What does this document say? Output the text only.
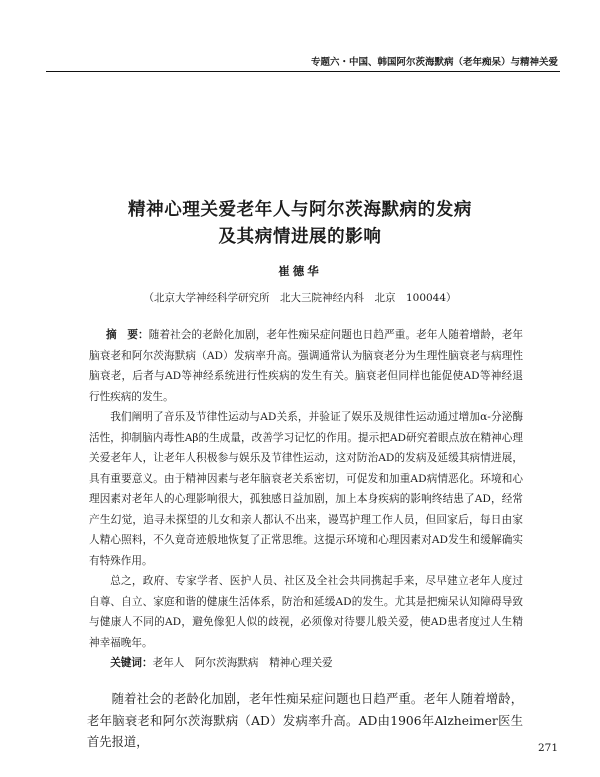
专题六・中国、韩国阿尔茨海默病（老年痴呆）与精神关爱
精神心理关爱老年人与阿尔茨海默病的发病
及其病情进展的影响
崔德华
（北京大学神经科学研究所　北大三院神经内科　北京　100044）

摘　要：随着社会的老龄化加剧，老年性痴呆症问题也日趋严重。老年人随着增龄，老年脑衰老和阿尔茨海默病（AD）发病率升高。强调通常认为脑衰老分为生理性脑衰老与病理性脑衰老，后者与AD等神经系统进行性疾病的发生有关。脑衰老但同样也能促使AD等神经退行性疾病的发生。

我们阐明了音乐及节律性运动与AD关系，并验证了娱乐及规律性运动通过增加α-分泌酶活性，抑制脑内毒性Aβ的生成量，改善学习记忆的作用。提示把AD研究着眼点放在精神心理关爱老年人，让老年人积极参与娱乐及节律性运动，这对防治AD的发病及延缓其病情进展，具有重要意义。由于精神因素与老年脑衰老关系密切，可促发和加重AD病情恶化。环境和心理因素对老年人的心理影响很大，孤独感日益加剧，加上本身疾病的影响终结患了AD，经常产生幻觉，追寻未探望的儿女和亲人都认不出来，谩骂护理工作人员，但回家后，每日由家人精心照料，不久竟奇迹般地恢复了正常思维。这提示环境和心理因素对AD发生和缓解确实有特殊作用。

总之，政府、专家学者、医护人员、社区及全社会共同携起手来，尽早建立老年人度过自尊、自立、家庭和谐的健康生活体系，防治和延缓AD的发生。尤其是把痴呆认知障碍导致与健康人不同的AD，避免像犯人似的歧视，必须像对待婴儿般关爱，使AD患者度过人生精神幸福晚年。

关键词：老年人　阿尔茨海默病　精神心理关爱

随着社会的老龄化加剧，老年性痴呆症问题也日趋严重。老年人随着增龄，老年脑衰老和阿尔茨海默病（AD）发病率升高。AD由1906年Alzheimer医生首先报道，	271
